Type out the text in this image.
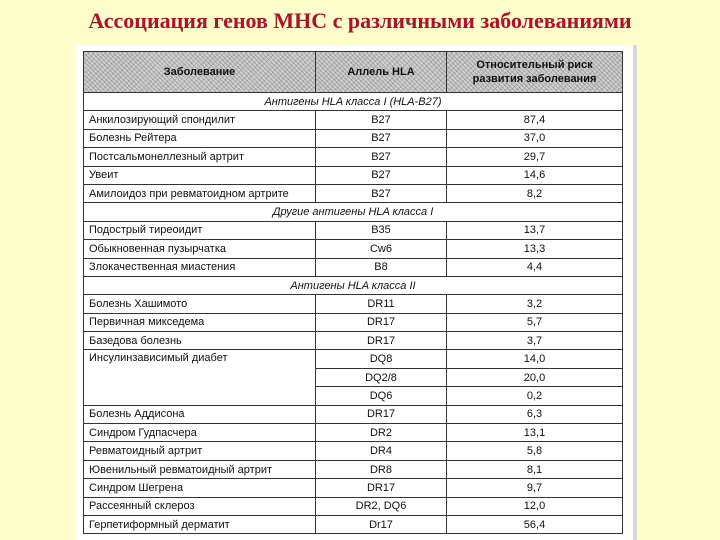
Ассоциация генов MHC с различными заболеваниями
Заболевание	Аллель HLA	Относительный риск развития заболевания
Антигены HLA класса I (HLA-B27)		
Анкилозирующий спондилит	B27	87,4
Болезнь Рейтера	B27	37,0
Постсальмонеллезный артрит	B27	29,7
Увеит	B27	14,6
Амилоидоз при ревматоидном артрите	B27	8,2
Другие антигены HLA класса I		
Подострый тиреоидит	B35	13,7
Обыкновенная пузырчатка	Cw6	13,3
Злокачественная миастения	B8	4,4
Антигены HLA класса II		
Болезнь Хашимото	DR11	3,2
Первичная микседема	DR17	5,7
Базедова болезнь	DR17	3,7
Инсулинзависимый диабет	DQ8	14,0
	DQ2/8	20,0
	DQ6	0,2
Болезнь Аддисона	DR17	6,3
Синдром Гудпасчера	DR2	13,1
Ревматоидный артрит	DR4	5,8
Ювенильный ревматоидный артрит	DR8	8,1
Синдром Шегрена	DR17	9,7
Рассеянный склероз	DR2, DQ6	12,0
Герпетиформный дерматит	Dr17	56,4
